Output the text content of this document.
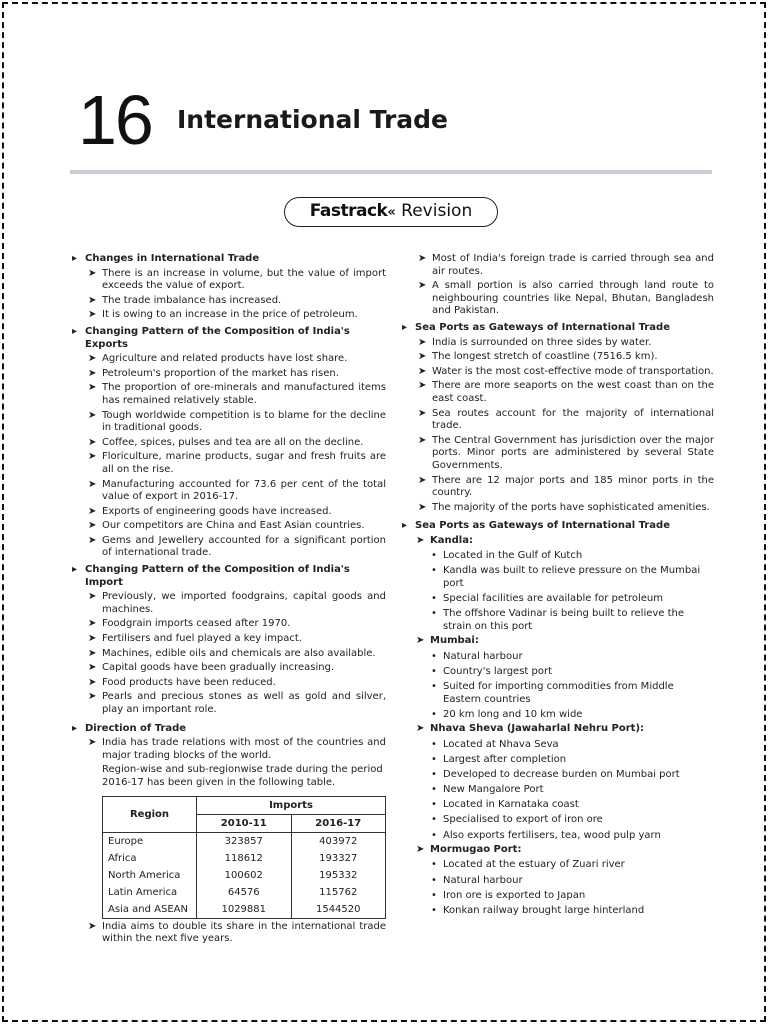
16 International Trade
Fastrack« Revision
▸ Changes in International Trade
➤ There is an increase in volume, but the value of import exceeds the value of export.
➤ The trade imbalance has increased.
➤ It is owing to an increase in the price of petroleum.
▸ Changing Pattern of the Composition of India's Exports
➤ Agriculture and related products have lost share.
➤ Petroleum's proportion of the market has risen.
➤ The proportion of ore-minerals and manufactured items has remained relatively stable.
➤ Tough worldwide competition is to blame for the decline in traditional goods.
➤ Coffee, spices, pulses and tea are all on the decline.
➤ Floriculture, marine products, sugar and fresh fruits are all on the rise.
➤ Manufacturing accounted for 73.6 per cent of the total value of export in 2016-17.
➤ Exports of engineering goods have increased.
➤ Our competitors are China and East Asian countries.
➤ Gems and Jewellery accounted for a significant portion of international trade.
▸ Changing Pattern of the Composition of India's Import
➤ Previously, we imported foodgrains, capital goods and machines.
➤ Foodgrain imports ceased after 1970.
➤ Fertilisers and fuel played a key impact.
➤ Machines, edible oils and chemicals are also available.
➤ Capital goods have been gradually increasing.
➤ Food products have been reduced.
➤ Pearls and precious stones as well as gold and silver, play an important role.
▸ Direction of Trade
➤ India has trade relations with most of the countries and major trading blocks of the world.
Region-wise and sub-regionwise trade during the period 2016-17 has been given in the following table.
Region	Imports	
	2010-11	2016-17
Europe	323857	403972
Africa	118612	193327
North America	100602	195332
Latin America	64576	115762
Asia and ASEAN	1029881	1544520
➤ India aims to double its share in the international trade within the next five years.
➤ Most of India's foreign trade is carried through sea and air routes.
➤ A small portion is also carried through land route to neighbouring countries like Nepal, Bhutan, Bangladesh and Pakistan.
▸ Sea Ports as Gateways of International Trade
➤ India is surrounded on three sides by water.
➤ The longest stretch of coastline (7516.5 km).
➤ Water is the most cost-effective mode of transportation.
➤ There are more seaports on the west coast than on the east coast.
➤ Sea routes account for the majority of international trade.
➤ The Central Government has jurisdiction over the major ports. Minor ports are administered by several State Governments.
➤ There are 12 major ports and 185 minor ports in the country.
➤ The majority of the ports have sophisticated amenities.
▸ Sea Ports as Gateways of International Trade
➤ Kandla:
• Located in the Gulf of Kutch
• Kandla was built to relieve pressure on the Mumbai port
• Special facilities are available for petroleum
• The offshore Vadinar is being built to relieve the strain on this port
➤ Mumbai:
• Natural harbour
• Country's largest port
• Suited for importing commodities from Middle Eastern countries
• 20 km long and 10 km wide
➤ Nhava Sheva (Jawaharlal Nehru Port):
• Located at Nhava Seva
• Largest after completion
• Developed to decrease burden on Mumbai port
• New Mangalore Port
• Located in Karnataka coast
• Specialised to export of iron ore
• Also exports fertilisers, tea, wood pulp yarn
➤ Mormugao Port:
• Located at the estuary of Zuari river
• Natural harbour
• Iron ore is exported to Japan
• Konkan railway brought large hinterland
